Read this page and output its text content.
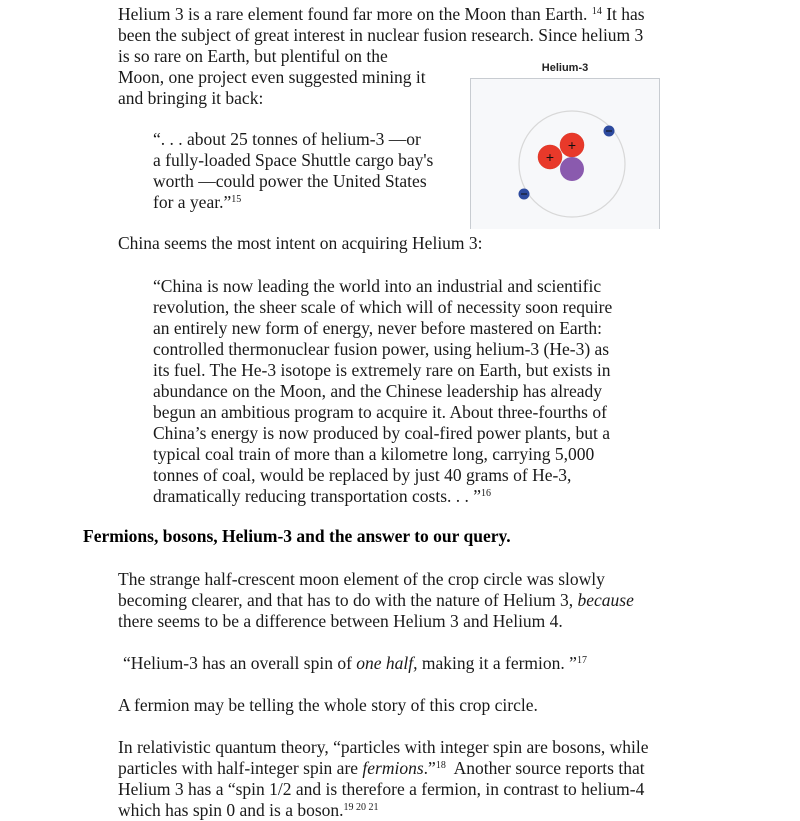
Helium 3 is a rare element found far more on the Moon than Earth. $^{14}$ It has
been the subject of great interest in nuclear fusion research. Since helium 3
is so rare on Earth, but plentiful on the
Moon, one project even suggested mining it
and bringing it back:
Helium-3
+
+
“. . . about 25 tonnes of helium-3 —or
a fully-loaded Space Shuttle cargo bay's
worth —could power the United States
for a year.”$^{15}$
China seems the most intent on acquiring Helium 3:
“China is now leading the world into an industrial and scientific
revolution, the sheer scale of which will of necessity soon require
an entirely new form of energy, never before mastered on Earth:
controlled thermonuclear fusion power, using helium-3 (He-3) as
its fuel. The He-3 isotope is extremely rare on Earth, but exists in
abundance on the Moon, and the Chinese leadership has already
begun an ambitious program to acquire it. About three-fourths of
China’s energy is now produced by coal-fired power plants, but a
typical coal train of more than a kilometre long, carrying 5,000
tonnes of coal, would be replaced by just 40 grams of He-3,
dramatically reducing transportation costs. . . ”$^{16}$
Fermions, bosons, Helium-3 and the answer to our query.
The strange half-crescent moon element of the crop circle was slowly
becoming clearer, and that has to do with the nature of Helium 3, because
there seems to be a difference between Helium 3 and Helium 4.
“Helium-3 has an overall spin of one half, making it a fermion. ”$^{17}$
A fermion may be telling the whole story of this crop circle.
In relativistic quantum theory, “particles with integer spin are bosons, while
particles with half-integer spin are fermions.”$^{18}$  Another source reports that
Helium 3 has a “spin 1/2 and is therefore a fermion, in contrast to helium-4
which has spin 0 and is a boson.$^{19 20 21}$
